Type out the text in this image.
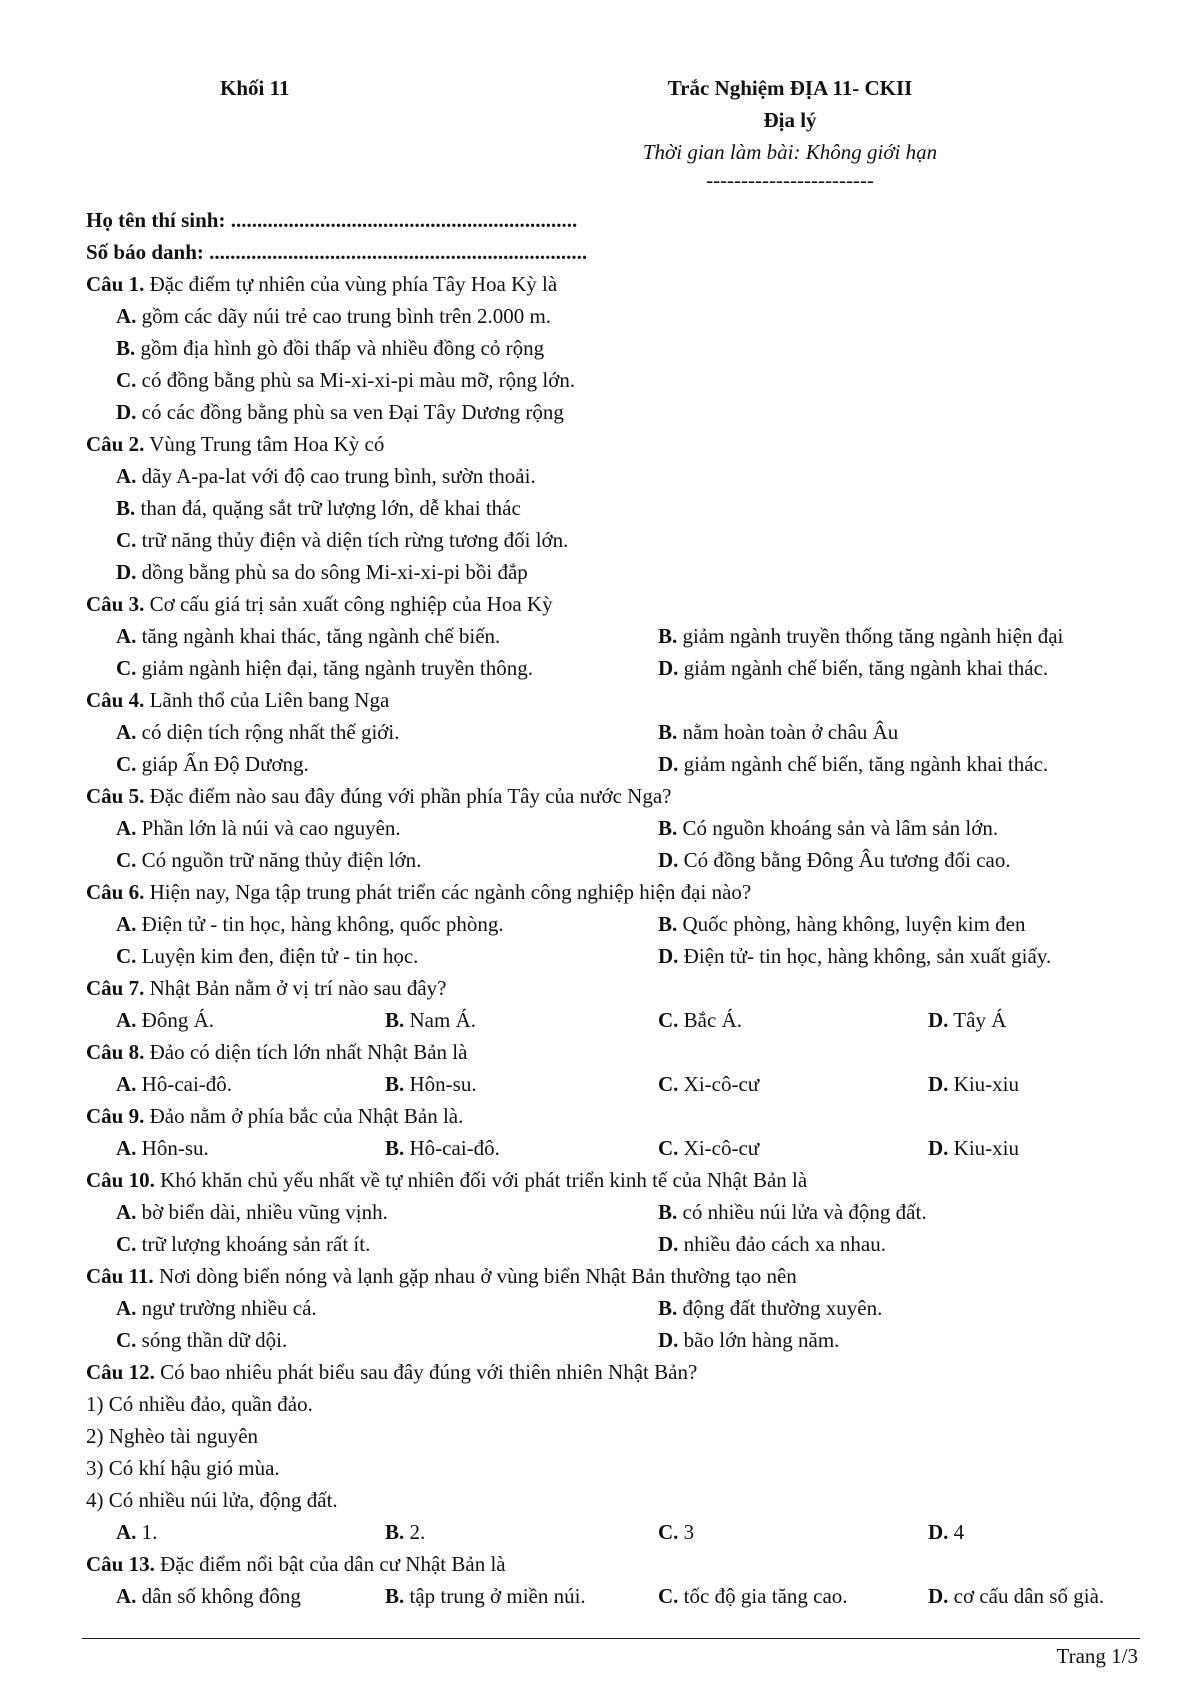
Khối 11	Trắc Nghiệm ĐỊA 11- CKII
Địa lý
Thời gian làm bài: Không giới hạn
------------------------
Họ tên thí sinh: ..................................................................
Số báo danh: ........................................................................
Câu 1. Đặc điểm tự nhiên của vùng phía Tây Hoa Kỳ là
A. gồm các dãy núi trẻ cao trung bình trên 2.000 m.
B. gồm địa hình gò đồi thấp và nhiều đồng cỏ rộng
C. có đồng bằng phù sa Mi-xi-xi-pi màu mỡ, rộng lớn.
D. có các đồng bằng phù sa ven Đại Tây Dương rộng
Câu 2. Vùng Trung tâm Hoa Kỳ có
A. dãy A-pa-lat với độ cao trung bình, sườn thoải.
B. than đá, quặng sắt trữ lượng lớn, dễ khai thác
C. trữ năng thủy điện và diện tích rừng tương đối lớn.
D. dồng bằng phù sa do sông Mi-xi-xi-pi bồi đắp
Câu 3. Cơ cấu giá trị sản xuất công nghiệp của Hoa Kỳ
A. tăng ngành khai thác, tăng ngành chế biến.	B. giảm ngành truyền thống tăng ngành hiện đại
C. giảm ngành hiện đại, tăng ngành truyền thông.	D. giảm ngành chế biến, tăng ngành khai thác.
Câu 4. Lãnh thổ của Liên bang Nga
A. có diện tích rộng nhất thế giới.	B. nằm hoàn toàn ở châu Âu
C. giáp Ấn Độ Dương.	D. giảm ngành chế biến, tăng ngành khai thác.
Câu 5. Đặc điểm nào sau đây đúng với phần phía Tây của nước Nga?
A. Phần lớn là núi và cao nguyên.	B. Có nguồn khoáng sản và lâm sản lớn.
C. Có nguồn trữ năng thủy điện lớn.	D. Có đồng bằng Đông Âu tương đối cao.
Câu 6. Hiện nay, Nga tập trung phát triển các ngành công nghiệp hiện đại nào?
A. Điện tử - tin học, hàng không, quốc phòng.	B. Quốc phòng, hàng không, luyện kim đen
C. Luyện kim đen, điện tử - tin học.	D. Điện tử- tin học, hàng không, sản xuất giấy.
Câu 7. Nhật Bản nằm ở vị trí nào sau đây?
A. Đông Á.	B. Nam Á.	C. Bắc Á.	D. Tây Á
Câu 8. Đảo có diện tích lớn nhất Nhật Bản là
A. Hô-cai-đô.	B. Hôn-su.	C. Xi-cô-cư	D. Kiu-xiu
Câu 9. Đảo nằm ở phía bắc của Nhật Bản là.
A. Hôn-su.	B. Hô-cai-đô.	C. Xi-cô-cư	D. Kiu-xiu
Câu 10. Khó khăn chủ yếu nhất về tự nhiên đối với phát triển kinh tế của Nhật Bản là
A. bờ biển dài, nhiều vũng vịnh.	B. có nhiều núi lửa và động đất.
C. trữ lượng khoáng sản rất ít.	D. nhiều đảo cách xa nhau.
Câu 11. Nơi dòng biển nóng và lạnh gặp nhau ở vùng biển Nhật Bản thường tạo nên
A. ngư trường nhiều cá.	B. động đất thường xuyên.
C. sóng thần dữ dội.	D. bão lớn hàng năm.
Câu 12. Có bao nhiêu phát biểu sau đây đúng với thiên nhiên Nhật Bản?
1) Có nhiều đảo, quần đảo.
2) Nghèo tài nguyên
3) Có khí hậu gió mùa.
4) Có nhiều núi lửa, động đất.
A. 1.	B. 2.	C. 3	D. 4
Câu 13. Đặc điểm nổi bật của dân cư Nhật Bản là
A. dân số không đông	B. tập trung ở miền núi.	C. tốc độ gia tăng cao.	D. cơ cấu dân số già.
Trang 1/3
